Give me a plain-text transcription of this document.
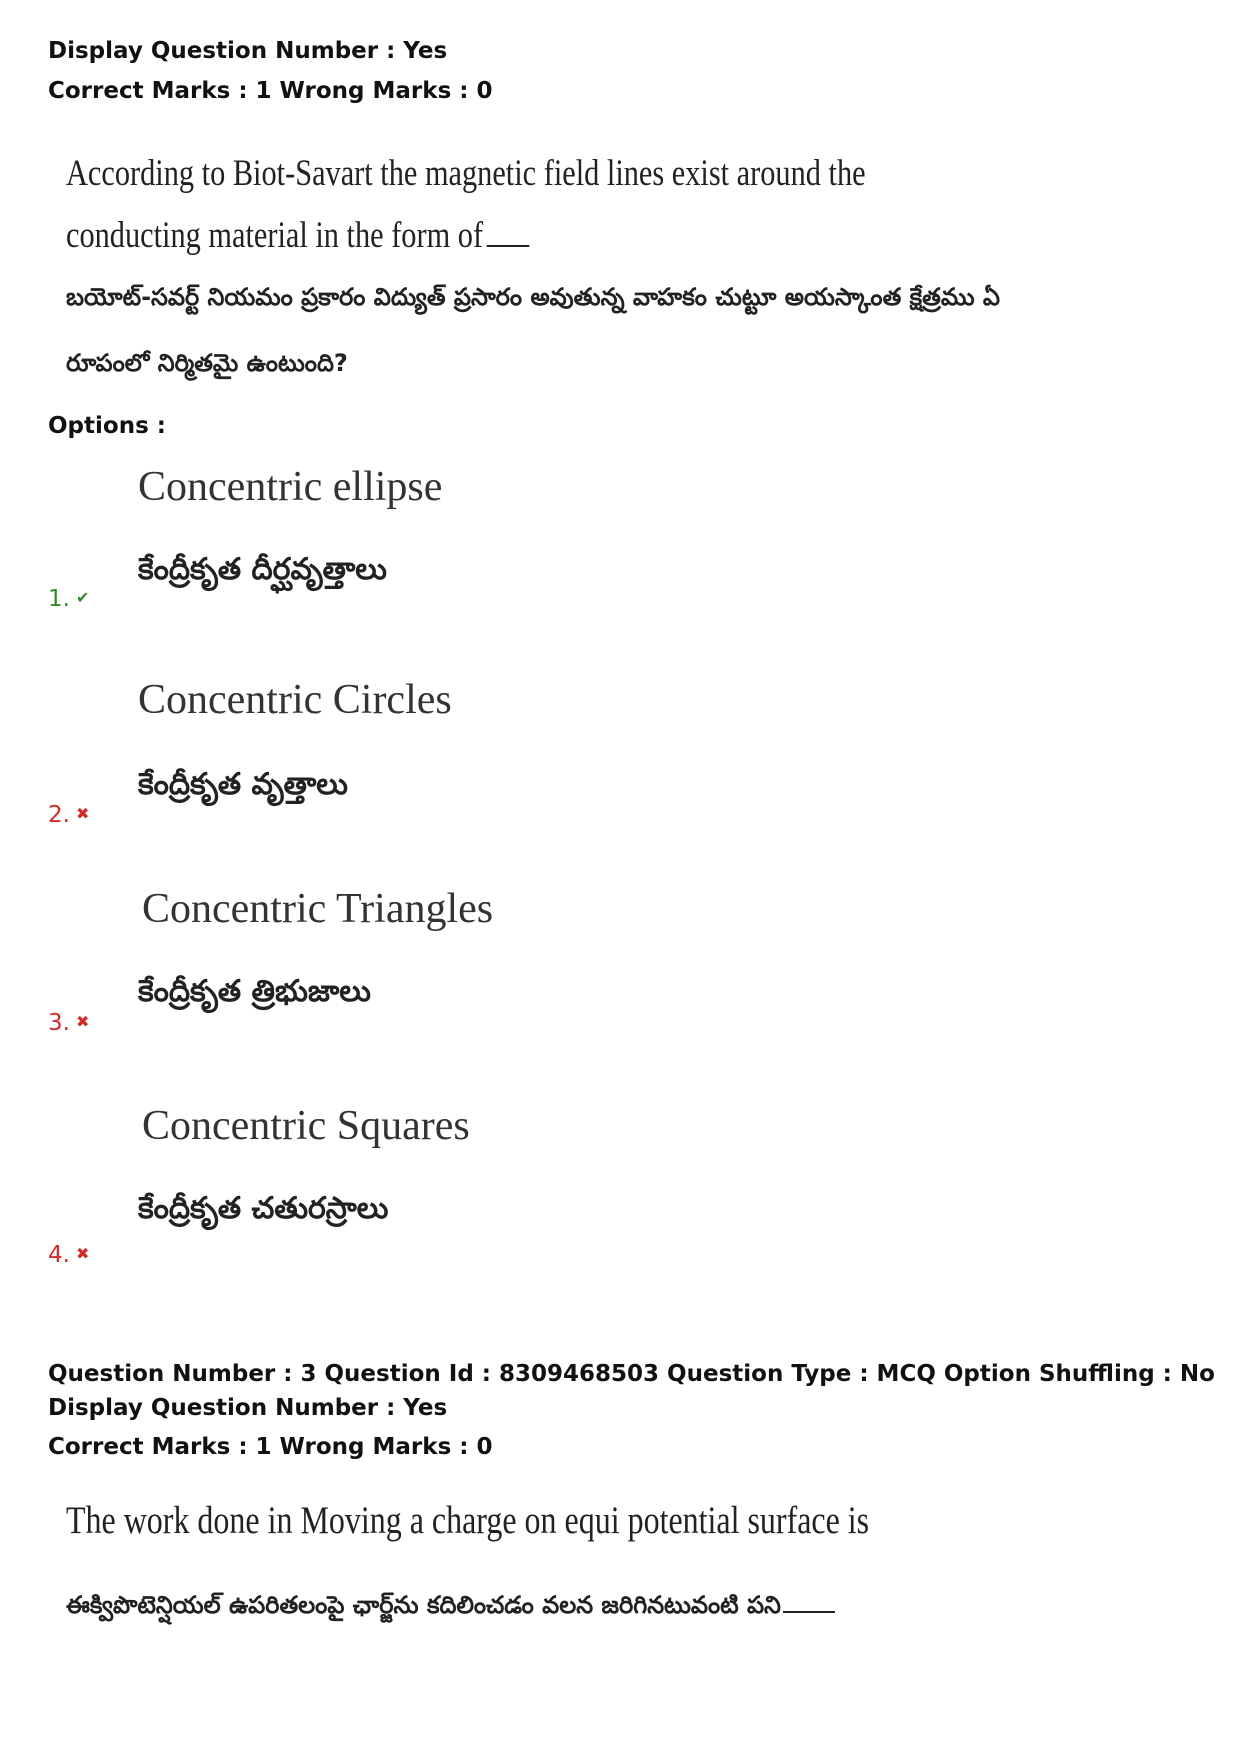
Display Question Number : Yes
Correct Marks : 1 Wrong Marks : 0
According to Biot-Savart the magnetic field lines exist around the
conducting material in the form of
బయోట్-సవర్ట్ నియమం ప్రకారం విద్యుత్ ప్రసారం అవుతున్న వాహకం చుట్టూ అయస్కాంత క్షేత్రము ఏ
రూపంలో నిర్మితమై ఉంటుంది?
Options :
Concentric ellipse
కేంద్రీకృత దీర్ఘవృత్తాలు
1. ✔
Concentric Circles
కేంద్రీకృత వృత్తాలు
2. ✖
Concentric Triangles
కేంద్రీకృత త్రిభుజాలు
3. ✖
Concentric Squares
కేంద్రీకృత చతురస్రాలు
4. ✖
Question Number : 3 Question Id : 8309468503 Question Type : MCQ Option Shuffling : No
Display Question Number : Yes
Correct Marks : 1 Wrong Marks : 0
The work done in Moving a charge on equi potential surface is
ఈక్విపొటెన్షియల్ ఉపరితలంపై ఛార్జ్‌ను కదిలించడం వలన జరిగినటువంటి పని
